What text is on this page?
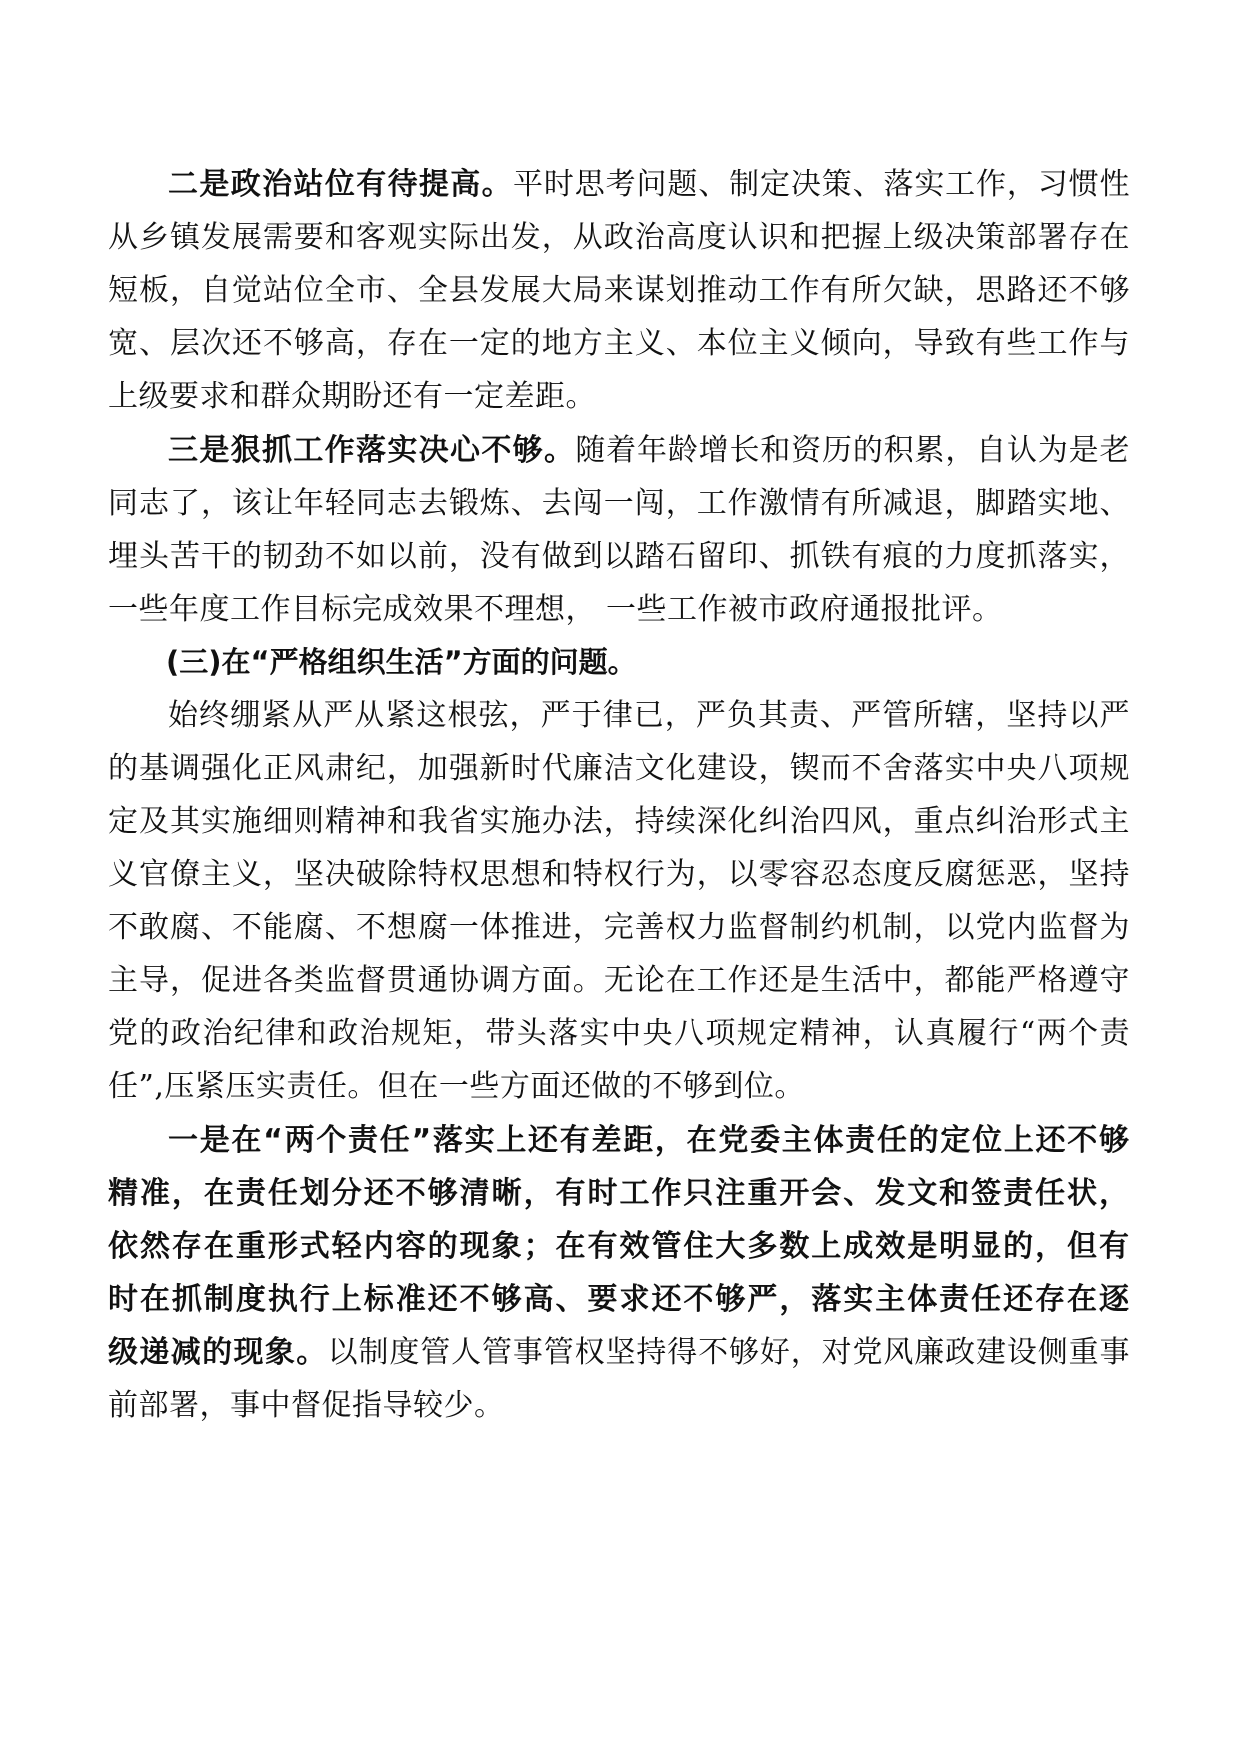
二是政治站位有待提高。平时思考问题、制定决策、落实工作，习惯性从乡镇发展需要和客观实际出发，从政治高度认识和把握上级决策部署存在短板，自觉站位全市、全县发展大局来谋划推动工作有所欠缺，思路还不够宽、层次还不够高，存在一定的地方主义、本位主义倾向，导致有些工作与上级要求和群众期盼还有一定差距。

三是狠抓工作落实决心不够。随着年龄增长和资历的积累，自认为是老同志了，该让年轻同志去锻炼、去闯一闯，工作激情有所减退，脚踏实地、埋头苦干的韧劲不如以前，没有做到以踏石留印、抓铁有痕的力度抓落实， 一些年度工作目标完成效果不理想， 一些工作被市政府通报批评。

(三)在“严格组织生活”方面的问题。

始终绷紧从严从紧这根弦，严于律已，严负其责、严管所辖，坚持以严的基调强化正风肃纪，加强新时代廉洁文化建设，锲而不舍落实中央八项规定及其实施细则精神和我省实施办法，持续深化纠治四风，重点纠治形式主义官僚主义，坚决破除特权思想和特权行为，以零容忍态度反腐惩恶，坚持不敢腐、不能腐、不想腐一体推进，完善权力监督制约机制，以党内监督为主导，促进各类监督贯通协调方面。无论在工作还是生活中，都能严格遵守党的政治纪律和政治规矩，带头落实中央八项规定精神，认真履行“两个责任”,压紧压实责任。但在一些方面还做的不够到位。

一是在“两个责任”落实上还有差距，在党委主体责任的定位上还不够精准，在责任划分还不够清晰，有时工作只注重开会、发文和签责任状，依然存在重形式轻内容的现象；在有效管住大多数上成效是明显的，但有时在抓制度执行上标准还不够高、要求还不够严，落实主体责任还存在逐级递减的现象。以制度管人管事管权坚持得不够好，对党风廉政建设侧重事前部署，事中督促指导较少。
